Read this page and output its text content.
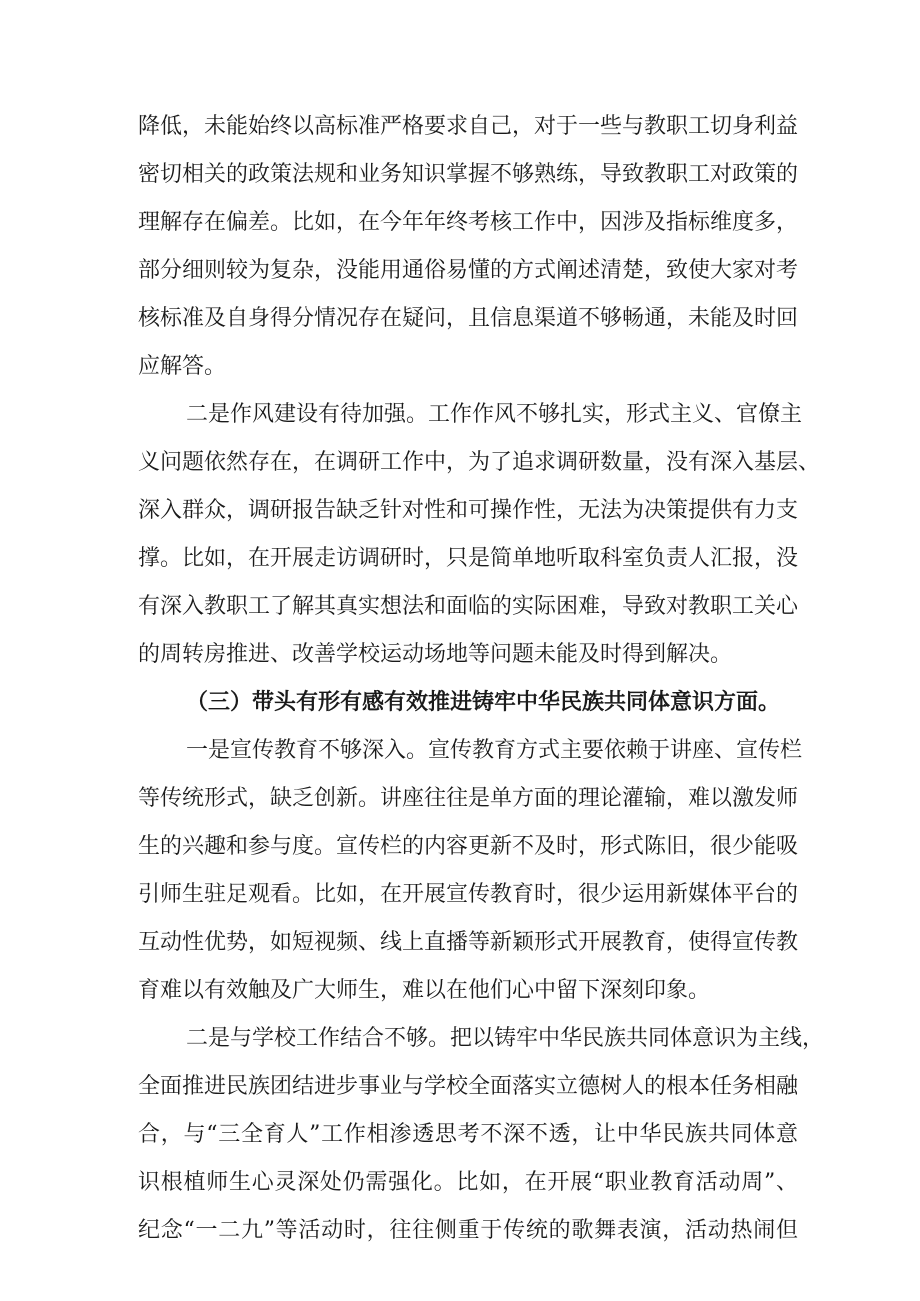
降低，未能始终以高标准严格要求自己，对于一些与教职工切身利益
密切相关的政策法规和业务知识掌握不够熟练，导致教职工对政策的
理解存在偏差。比如，在今年年终考核工作中，因涉及指标维度多，
部分细则较为复杂，没能用通俗易懂的方式阐述清楚，致使大家对考
核标准及自身得分情况存在疑问，且信息渠道不够畅通，未能及时回
应解答。
二是作风建设有待加强。工作作风不够扎实，形式主义、官僚主
义问题依然存在，在调研工作中，为了追求调研数量，没有深入基层、
深入群众，调研报告缺乏针对性和可操作性，无法为决策提供有力支
撑。比如，在开展走访调研时，只是简单地听取科室负责人汇报，没
有深入教职工了解其真实想法和面临的实际困难，导致对教职工关心
的周转房推进、改善学校运动场地等问题未能及时得到解决。
（三）带头有形有感有效推进铸牢中华民族共同体意识方面。
一是宣传教育不够深入。宣传教育方式主要依赖于讲座、宣传栏
等传统形式，缺乏创新。讲座往往是单方面的理论灌输，难以激发师
生的兴趣和参与度。宣传栏的内容更新不及时，形式陈旧，很少能吸
引师生驻足观看。比如，在开展宣传教育时，很少运用新媒体平台的
互动性优势，如短视频、线上直播等新颖形式开展教育，使得宣传教
育难以有效触及广大师生，难以在他们心中留下深刻印象。
二是与学校工作结合不够。把以铸牢中华民族共同体意识为主线，
全面推进民族团结进步事业与学校全面落实立德树人的根本任务相融
合，与“三全育人”工作相渗透思考不深不透，让中华民族共同体意
识根植师生心灵深处仍需强化。比如，在开展“职业教育活动周”、
纪念“一二九”等活动时，往往侧重于传统的歌舞表演，活动热闹但
